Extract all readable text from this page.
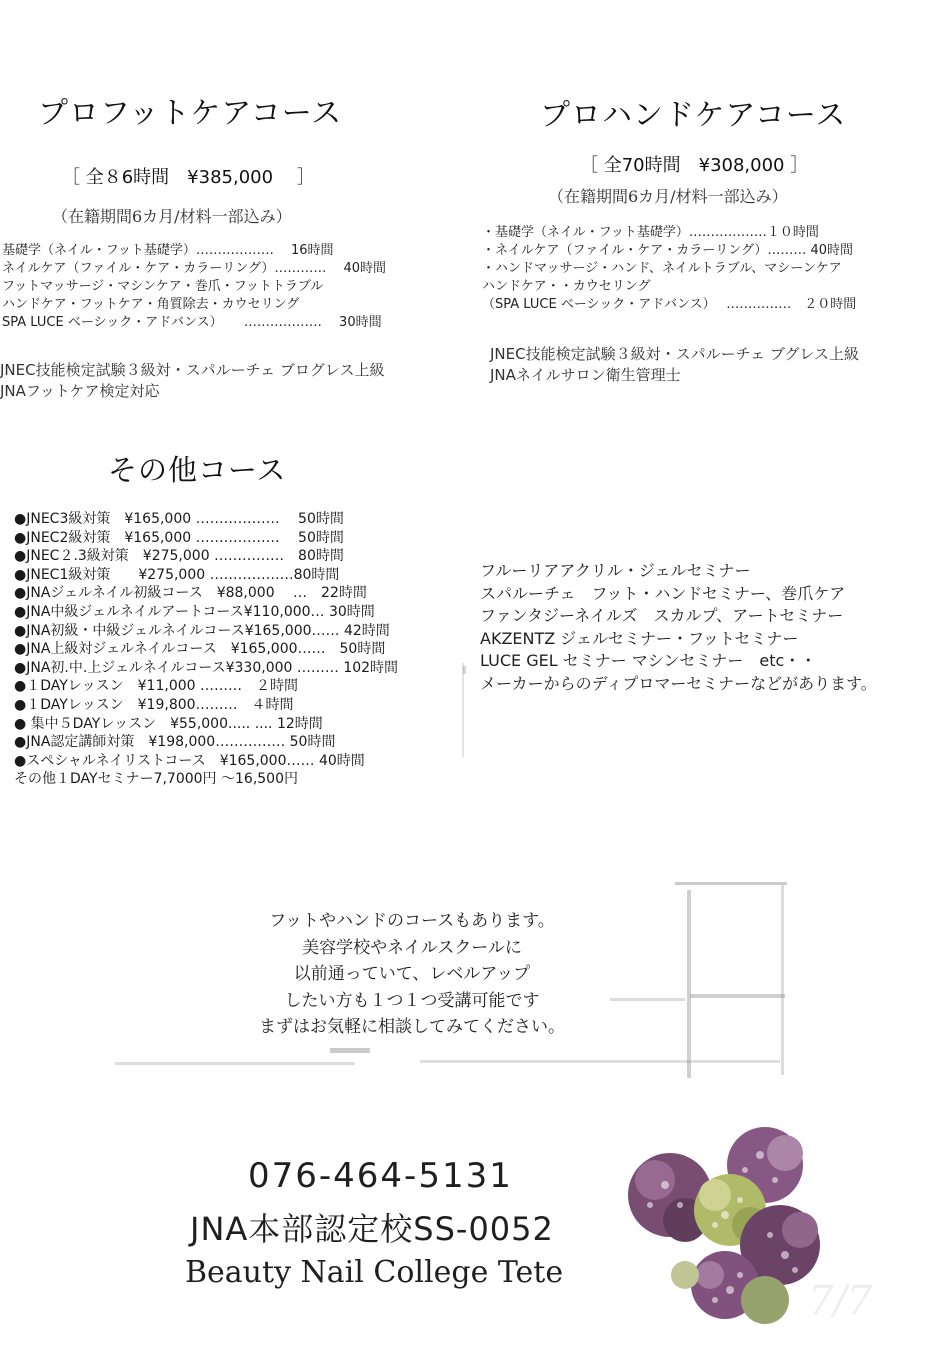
プロフットケアコース
［ 全８6時間　¥385,000　 ］
（在籍期間6カ月/材料一部込み）
基礎学（ネイル・フット基礎学）……………… 　16時間
ネイルケア（ファイル・ケア・カラーリング）………… 　40時間
フットマッサージ・マシンケア・巻爪・フットトラブル
ハンドケア・フットケア・角質除去・カウセリング
SPA LUCE ベーシック・アドバンス） 　 ……………… 　30時間
JNEC技能検定試験３級対・スパルーチェ ブログレス上級
JNAフットケア検定対応
プロハンドケアコース
［ 全70時間　¥308,000 ］
（在籍期間6カ月/材料一部込み）
・基礎学（ネイル・フット基礎学）………………１０時間
・ネイルケア（ファイル・ケア・カラーリング）……… 40時間
・ハンドマッサージ・ハンド、ネイルトラブル、マシーンケア
ハンドケア・・カウセリング
（SPA LUCE ベーシック・アドバンス）　 ……………　２０時間
JNEC技能検定試験３級対・スパルーチェ ブグレス上級
JNAネイルサロン衛生管理士
その他コース
●JNEC3級対策　¥165,000 ………………　 50時間
●JNEC2級対策　¥165,000 ………………　 50時間
●JNEC２.3級対策　¥275,000 ……………　80時間
●JNEC1級対策　　¥275,000 ………………80時間
●JNAジェルネイル初級コース　¥88,000　 …　22時間
●JNA中級ジェルネイルアートコース¥110,000… 30時間
●JNA初級・中級ジェルネイルコース¥165,000…… 42時間
●JNA上級対ジェルネイルコース　¥165,000……　50時間
●JNA初.中.上ジェルネイルコース¥330,000 ……… 102時間
●１DAYレッスン　¥11,000 ………　２時間
●１DAYレッスン　¥19,800………　４時間
● 集中５DAYレッスン　¥55,000..... .... 12時間
●JNA認定講師対策　¥198,000…………… 50時間
●スペシャルネイリストコース　¥165,000…… 40時間
その他１DAYセミナー7,7000円 ～16,500円
フルーリアアクリル・ジェルセミナー
スパルーチェ　フット・ハンドセミナー、巻爪ケア
ファンタジーネイルズ　スカルプ、アートセミナー
AKZENTZ ジェルセミナー・フットセミナー
LUCE GEL セミナー マシンセミナー　etc・・
メーカーからのディプロマーセミナーなどがあります。
フットやハンドのコースもあります。
美容学校やネイルスクールに
以前通っていて、レベルアップ
したい方も１つ１つ受講可能です
まずはお気軽に相談してみてください。
076-464-5131
JNA本部認定校SS-0052
Beauty Nail College Tete
7/7
